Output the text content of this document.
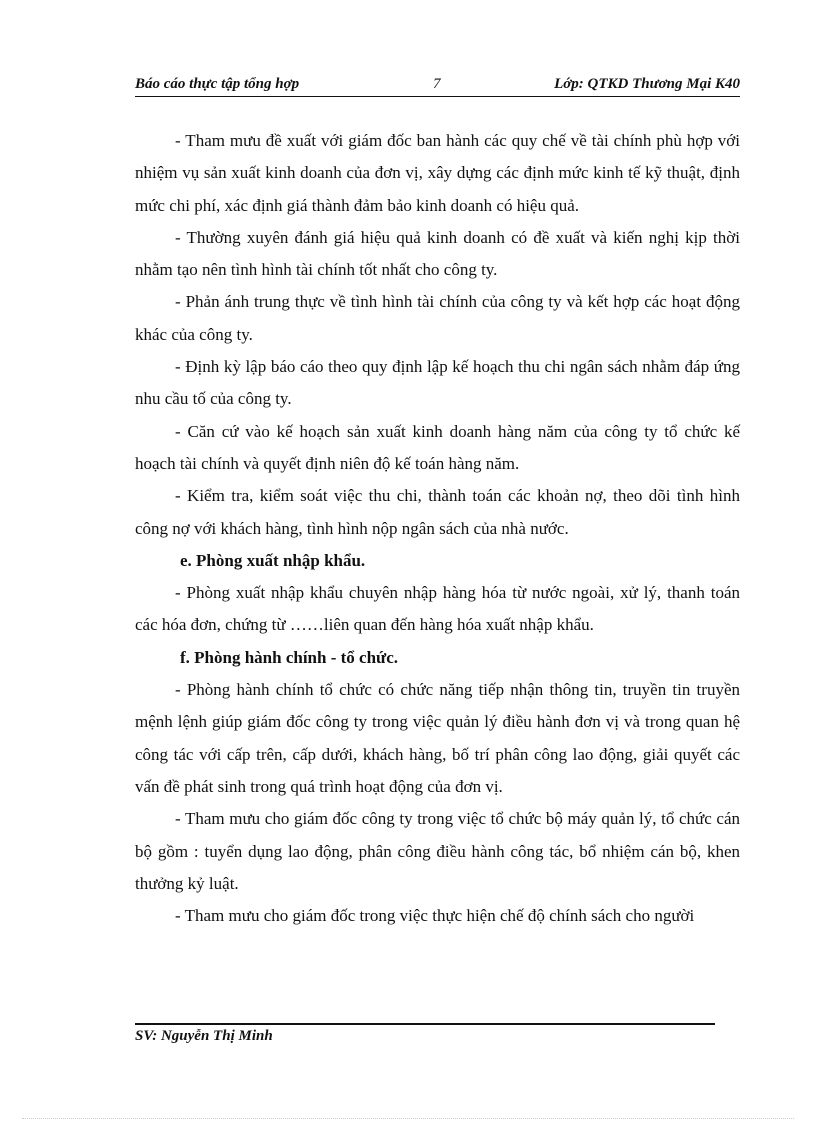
Báo cáo thực tập tổng hợp	7	Lớp: QTKD Thương Mại K40

- Tham mưu đề xuất với giám đốc ban hành các quy chế về tài chính phù hợp với nhiệm vụ sản xuất kinh doanh của đơn vị, xây dựng các định mức kinh tế kỹ thuật, định mức chi phí, xác định giá thành đảm bảo kinh doanh có hiệu quả.

- Thường xuyên đánh giá hiệu quả kinh doanh có đề xuất và kiến nghị kịp thời nhằm tạo nên tình hình tài chính tốt nhất cho công ty.

- Phản ánh trung thực về tình hình tài chính của công ty và kết hợp các hoạt động khác của công ty.

- Định kỳ lập báo cáo theo quy định lập kế hoạch thu chi ngân sách nhằm đáp ứng nhu cầu tố của công ty.

- Căn cứ vào kế hoạch sản xuất kinh doanh hàng năm của công ty tổ chức kế hoạch tài chính và quyết định niên độ kế toán hàng năm.

- Kiểm tra, kiểm soát việc thu chi, thành toán các khoản nợ, theo dõi tình hình công nợ với khách hàng, tình hình nộp ngân sách của nhà nước.

e. Phòng xuất nhập khẩu.

- Phòng xuất nhập khẩu chuyên nhập hàng hóa từ nước ngoài, xử lý, thanh toán các hóa đơn, chứng từ ……liên quan đến hàng hóa xuất nhập khẩu.

f. Phòng hành chính - tổ chức.

- Phòng hành chính tổ chức có chức năng tiếp nhận thông tin, truyền tin truyền mệnh lệnh giúp giám đốc công ty trong việc quản lý điều hành đơn vị và trong quan hệ công tác với cấp trên, cấp dưới, khách hàng, bố trí phân công lao động, giải quyết các vấn đề phát sinh trong quá trình hoạt động của đơn vị.

- Tham mưu cho giám đốc công ty trong việc tổ chức bộ máy quản lý, tổ chức cán bộ gồm : tuyển dụng lao động, phân công điều hành công tác, bổ nhiệm cán bộ, khen thưởng kỷ luật.

- Tham mưu cho giám đốc trong việc thực hiện chế độ chính sách cho người

SV: Nguyễn Thị Minh
